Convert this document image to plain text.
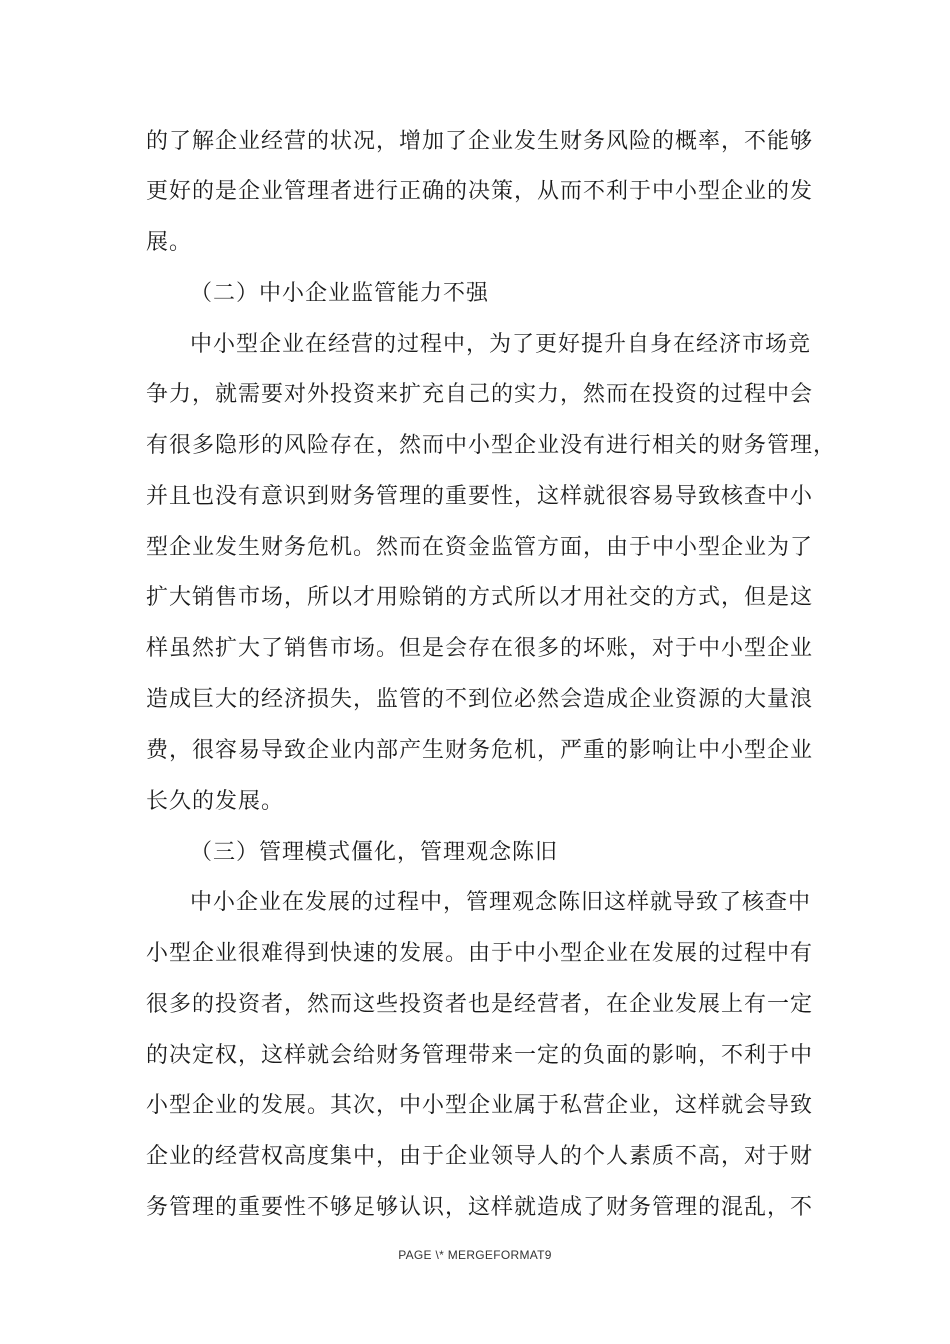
的了解企业经营的状况，增加了企业发生财务风险的概率，不能够
更好的是企业管理者进行正确的决策，从而不利于中小型企业的发
展。
（二）中小企业监管能力不强
中小型企业在经营的过程中，为了更好提升自身在经济市场竞
争力，就需要对外投资来扩充自己的实力，然而在投资的过程中会
有很多隐形的风险存在，然而中小型企业没有进行相关的财务管理，
并且也没有意识到财务管理的重要性，这样就很容易导致核查中小
型企业发生财务危机。然而在资金监管方面，由于中小型企业为了
扩大销售市场，所以才用赊销的方式所以才用社交的方式，但是这
样虽然扩大了销售市场。但是会存在很多的坏账，对于中小型企业
造成巨大的经济损失，监管的不到位必然会造成企业资源的大量浪
费，很容易导致企业内部产生财务危机，严重的影响让中小型企业
长久的发展。
（三）管理模式僵化，管理观念陈旧
中小企业在发展的过程中，管理观念陈旧这样就导致了核查中
小型企业很难得到快速的发展。由于中小型企业在发展的过程中有
很多的投资者，然而这些投资者也是经营者，在企业发展上有一定
的决定权，这样就会给财务管理带来一定的负面的影响，不利于中
小型企业的发展。其次，中小型企业属于私营企业，这样就会导致
企业的经营权高度集中，由于企业领导人的个人素质不高，对于财
务管理的重要性不够足够认识，这样就造成了财务管理的混乱，不
PAGE \* MERGEFORMAT9
